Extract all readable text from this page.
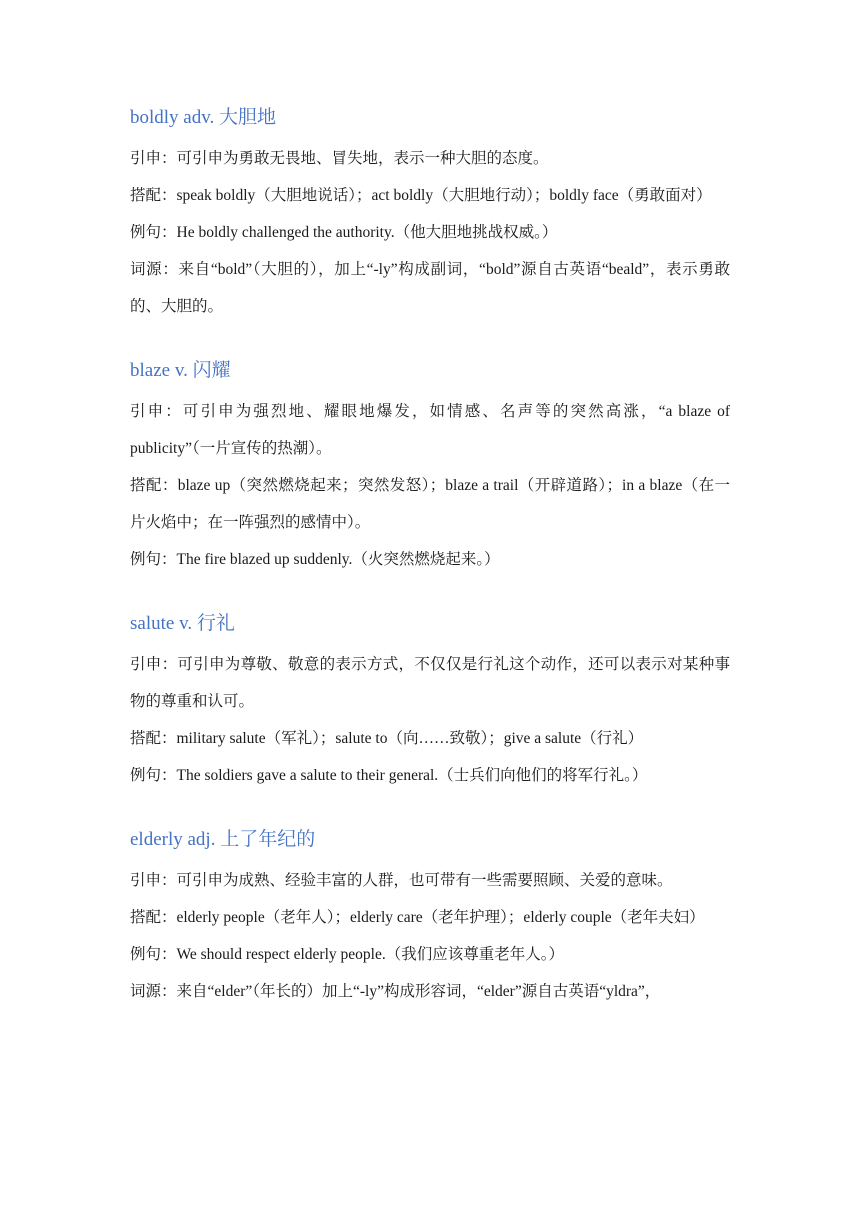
boldly adv. 大胆地

引申：可引申为勇敢无畏地、冒失地，表示一种大胆的态度。

搭配：speak boldly（大胆地说话）；act boldly（大胆地行动）；boldly face（勇敢面对）

例句：He boldly challenged the authority.（他大胆地挑战权威。）

词源：来自“bold”（大胆的），加上“-ly”构成副词，“bold”源自古英语“beald”，表示勇敢的、大胆的。

blaze v. 闪耀

引申：可引申为强烈地、耀眼地爆发，如情感、名声等的突然高涨，“a blaze of publicity”（一片宣传的热潮）。

搭配：blaze up（突然燃烧起来；突然发怒）；blaze a trail（开辟道路）；in a blaze（在一片火焰中；在一阵强烈的感情中）。

例句：The fire blazed up suddenly.（火突然燃烧起来。）

salute v. 行礼

引申：可引申为尊敬、敬意的表示方式，不仅仅是行礼这个动作，还可以表示对某种事物的尊重和认可。

搭配：military salute（军礼）；salute to（向……致敬）；give a salute（行礼）

例句：The soldiers gave a salute to their general.（士兵们向他们的将军行礼。）

elderly adj. 上了年纪的

引申：可引申为成熟、经验丰富的人群，也可带有一些需要照顾、关爱的意味。

搭配：elderly people（老年人）；elderly care（老年护理）；elderly couple（老年夫妇）

例句：We should respect elderly people.（我们应该尊重老年人。）

词源：来自“elder”（年长的）加上“-ly”构成形容词，“elder”源自古英语“yldra”，
